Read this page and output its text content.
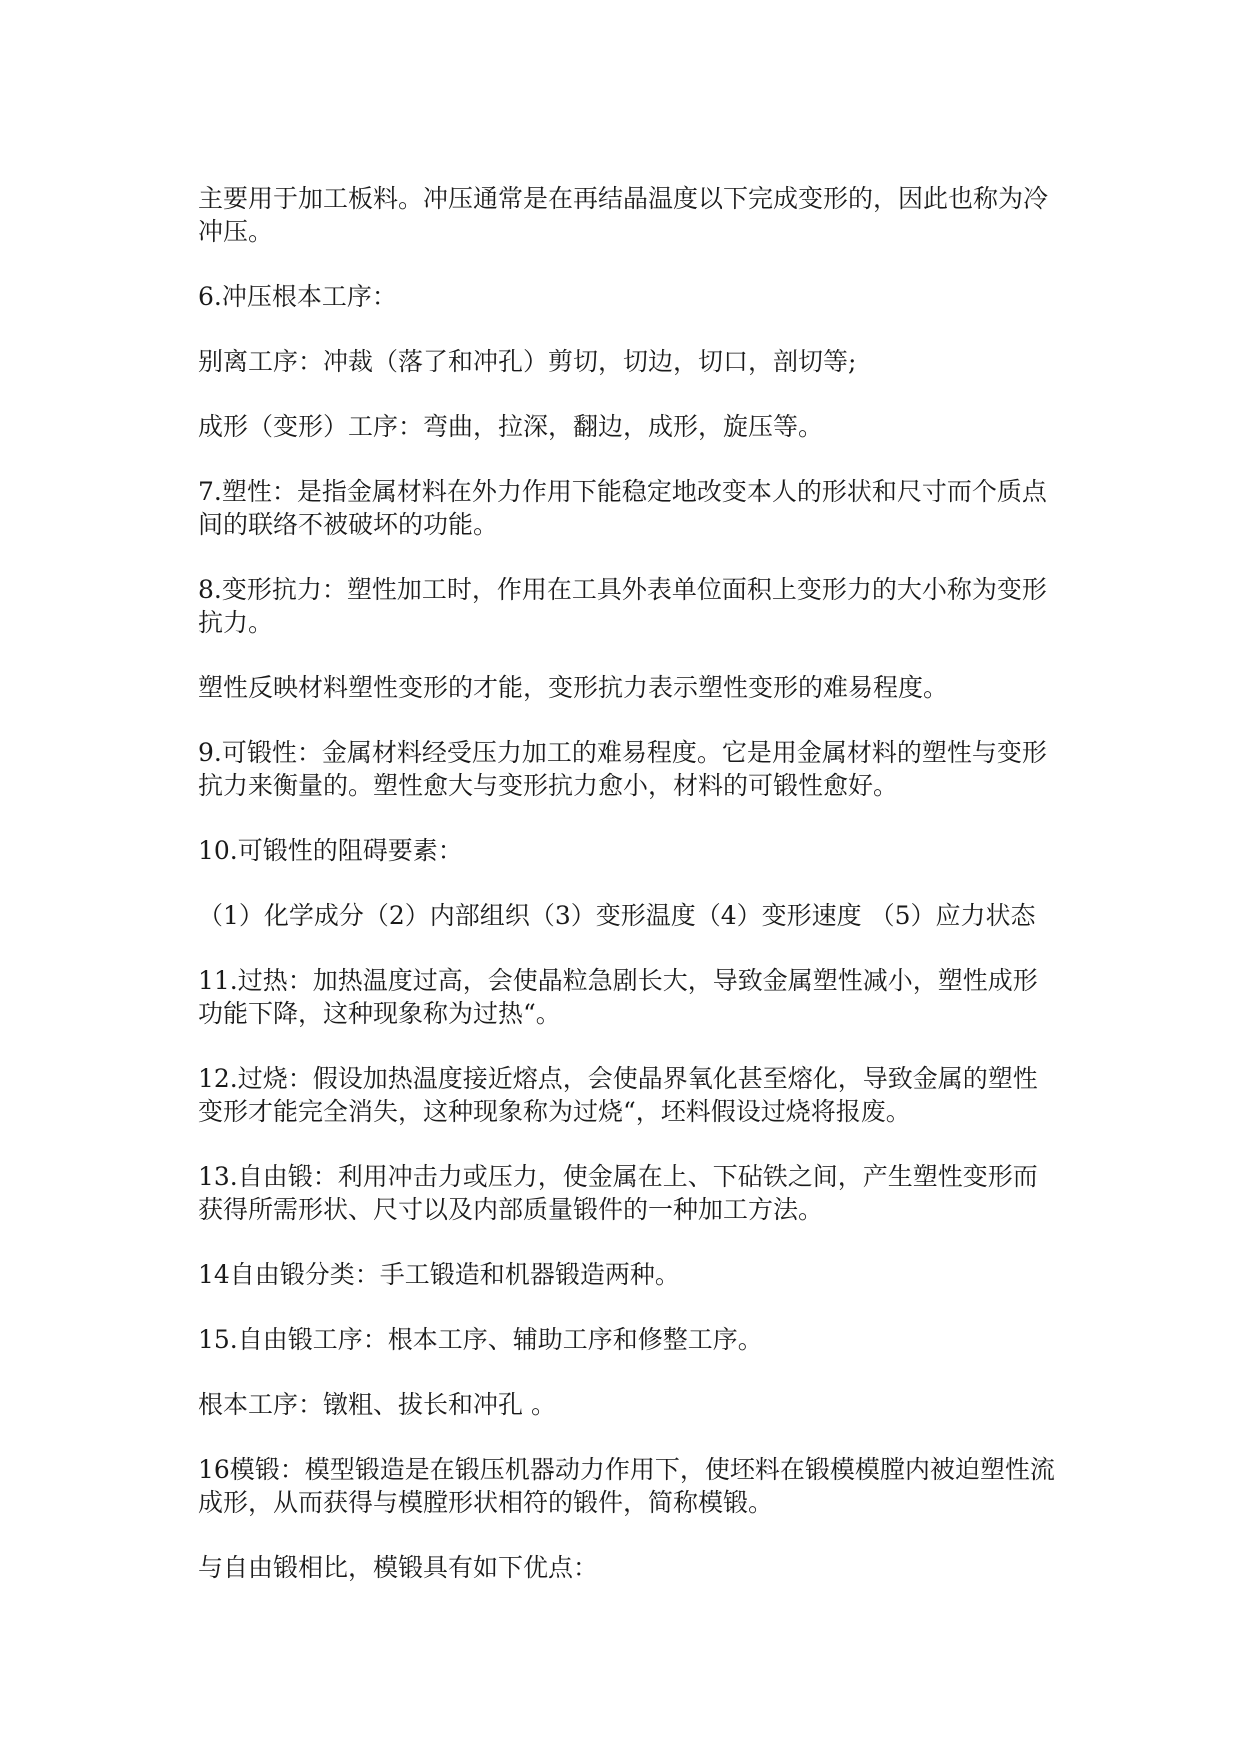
主要用于加工板料。冲压通常是在再结晶温度以下完成变形的，因此也称为冷冲压。

6.冲压根本工序：

别离工序：冲裁（落了和冲孔）剪切，切边，切口，剖切等;

成形（变形）工序：弯曲，拉深，翻边，成形，旋压等。

7.塑性：是指金属材料在外力作用下能稳定地改变本人的形状和尺寸而个质点间的联络不被破坏的功能。

8.变形抗力：塑性加工时，作用在工具外表单位面积上变形力的大小称为变形抗力。

塑性反映材料塑性变形的才能，变形抗力表示塑性变形的难易程度。

9.可锻性：金属材料经受压力加工的难易程度。它是用金属材料的塑性与变形抗力来衡量的。塑性愈大与变形抗力愈小，材料的可锻性愈好。

10.可锻性的阻碍要素：

（1）化学成分（2）内部组织（3）变形温度（4）变形速度 （5）应力状态

11.过热：加热温度过高，会使晶粒急剧长大，导致金属塑性减小，塑性成形功能下降，这种现象称为过热“。

12.过烧：假设加热温度接近熔点，会使晶界氧化甚至熔化，导致金属的塑性变形才能完全消失，这种现象称为过烧“，坯料假设过烧将报废。

13.自由锻：利用冲击力或压力，使金属在上、下砧铁之间，产生塑性变形而获得所需形状、尺寸以及内部质量锻件的一种加工方法。

14自由锻分类：手工锻造和机器锻造两种。

15.自由锻工序：根本工序、辅助工序和修整工序。

根本工序：镦粗、拔长和冲孔 。

16模锻：模型锻造是在锻压机器动力作用下，使坯料在锻模模膛内被迫塑性流成形，从而获得与模膛形状相符的锻件，简称模锻。

与自由锻相比，模锻具有如下优点：
